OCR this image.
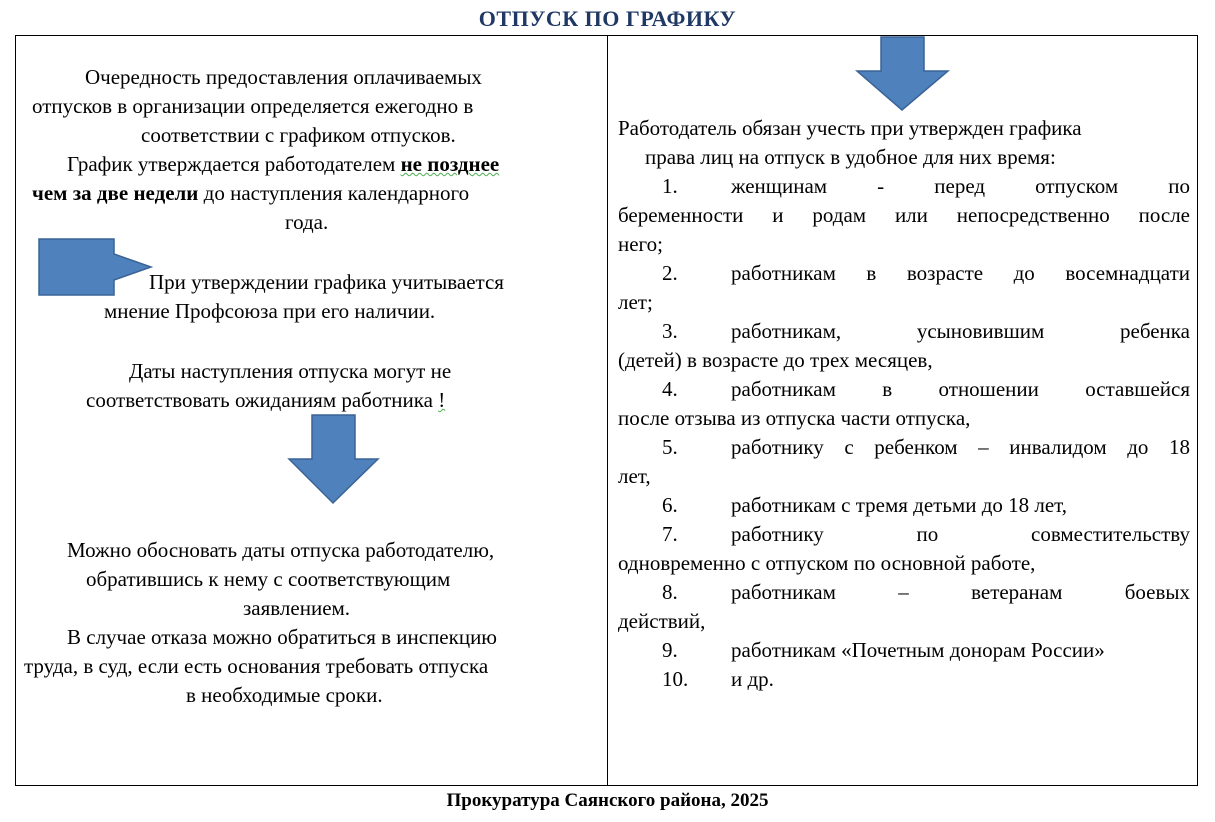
ОТПУСК ПО ГРАФИКУ
Очередность предоставления оплачиваемых
отпусков в организации определяется ежегодно в
соответствии с графиком отпусков.
График утверждается работодателем не позднее
чем за две недели до наступления календарного
года.
При утверждении графика учитывается
мнение Профсоюза при его наличии.
Даты наступления отпуска могут не
соответствовать ожиданиям работника !
Можно обосновать даты отпуска работодателю,
обратившись к нему с соответствующим
заявлением.
В случае отказа можно обратиться в инспекцию
труда, в суд, если есть основания требовать отпуска
в необходимые сроки.
Работодатель обязан учесть при утвержден графика
права лиц на отпуск в удобное для них время:
1.	женщинам - перед отпуском по
беременности и родам или непосредственно после
него;
2.	работникам в возрасте до восемнадцати
лет;
3.	работникам, усыновившим ребенка
(детей) в возрасте до трех месяцев,
4.	работникам в отношении оставшейся
после отзыва из отпуска части отпуска,
5.	работнику с ребенком – инвалидом до 18
лет,
6.	работникам с тремя детьми до 18 лет,
7.	работнику по совместительству
одновременно с отпуском по основной работе,
8.	работникам – ветеранам боевых
действий,
9.	работникам «Почетным донорам России»
10.	и др.
Прокуратура Саянского района, 2025
